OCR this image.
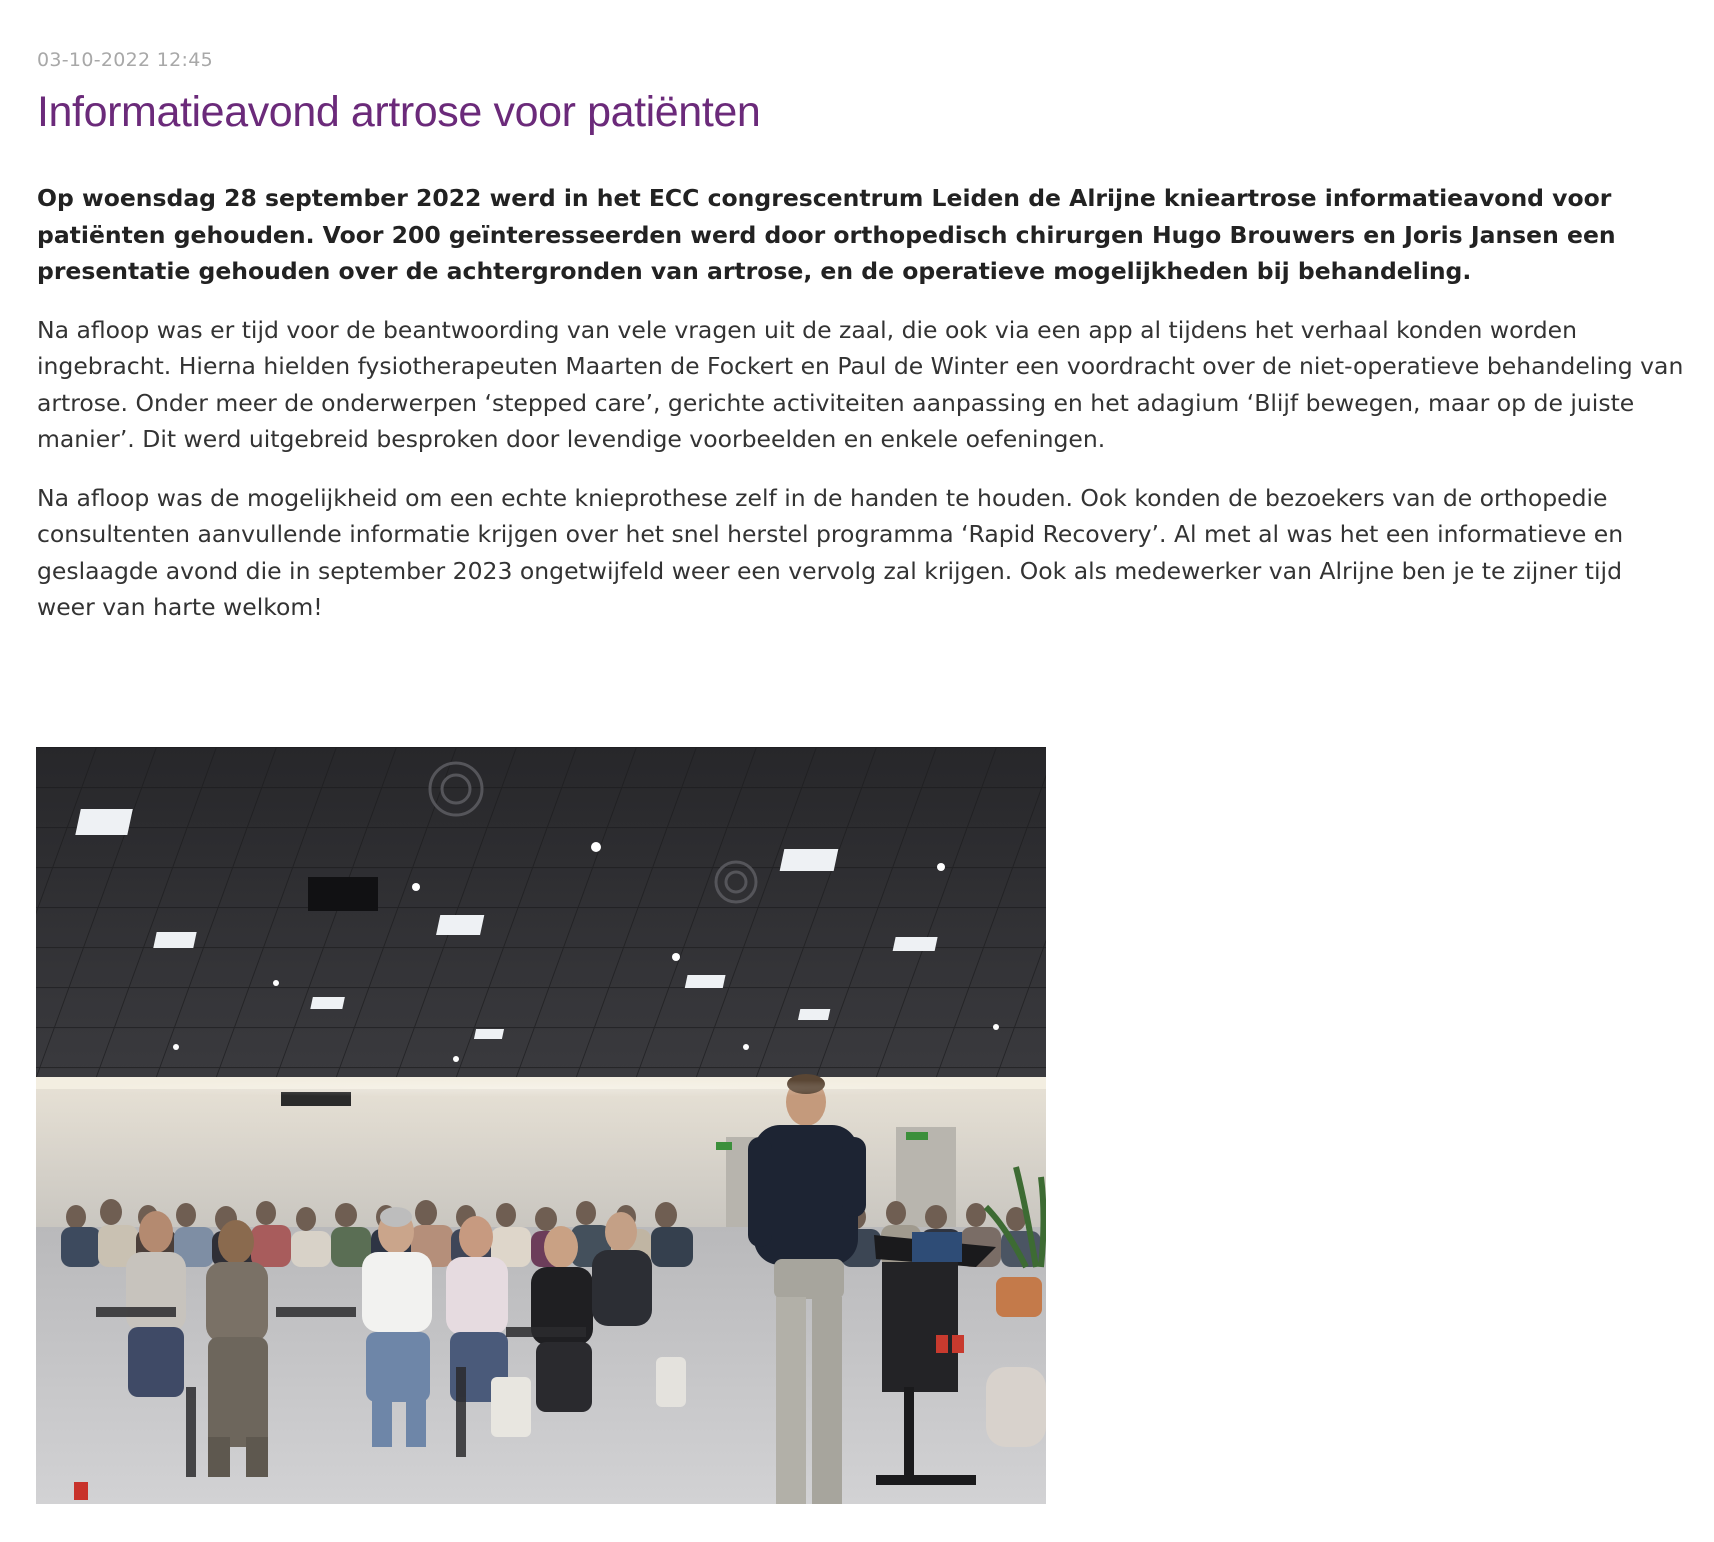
03-10-2022 12:45

Informatieavond artrose voor patiënten

Op woensdag 28 september 2022 werd in het ECC congrescentrum Leiden de Alrijne knieartrose informatieavond voor patiënten gehouden. Voor 200 geïnteresseerden werd door orthopedisch chirurgen Hugo Brouwers en Joris Jansen een presentatie gehouden over de achtergronden van artrose, en de operatieve mogelijkheden bij behandeling.

Na afloop was er tijd voor de beantwoording van vele vragen uit de zaal, die ook via een app al tijdens het verhaal konden worden ingebracht. Hierna hielden fysiotherapeuten Maarten de Fockert en Paul de Winter een voordracht over de niet-operatieve behandeling van artrose. Onder meer de onderwerpen ‘stepped care’, gerichte activiteiten aanpassing en het adagium ‘Blijf bewegen, maar op de juiste manier’. Dit werd uitgebreid besproken door levendige voorbeelden en enkele oefeningen.

Na afloop was de mogelijkheid om een echte knieprothese zelf in de handen te houden. Ook konden de bezoekers van de orthopedie consultenten aanvullende informatie krijgen over het snel herstel programma ‘Rapid Recovery’. Al met al was het een informatieve en geslaagde avond die in september 2023 ongetwijfeld weer een vervolg zal krijgen. Ook als medewerker van Alrijne ben je te zijner tijd weer van harte welkom!
